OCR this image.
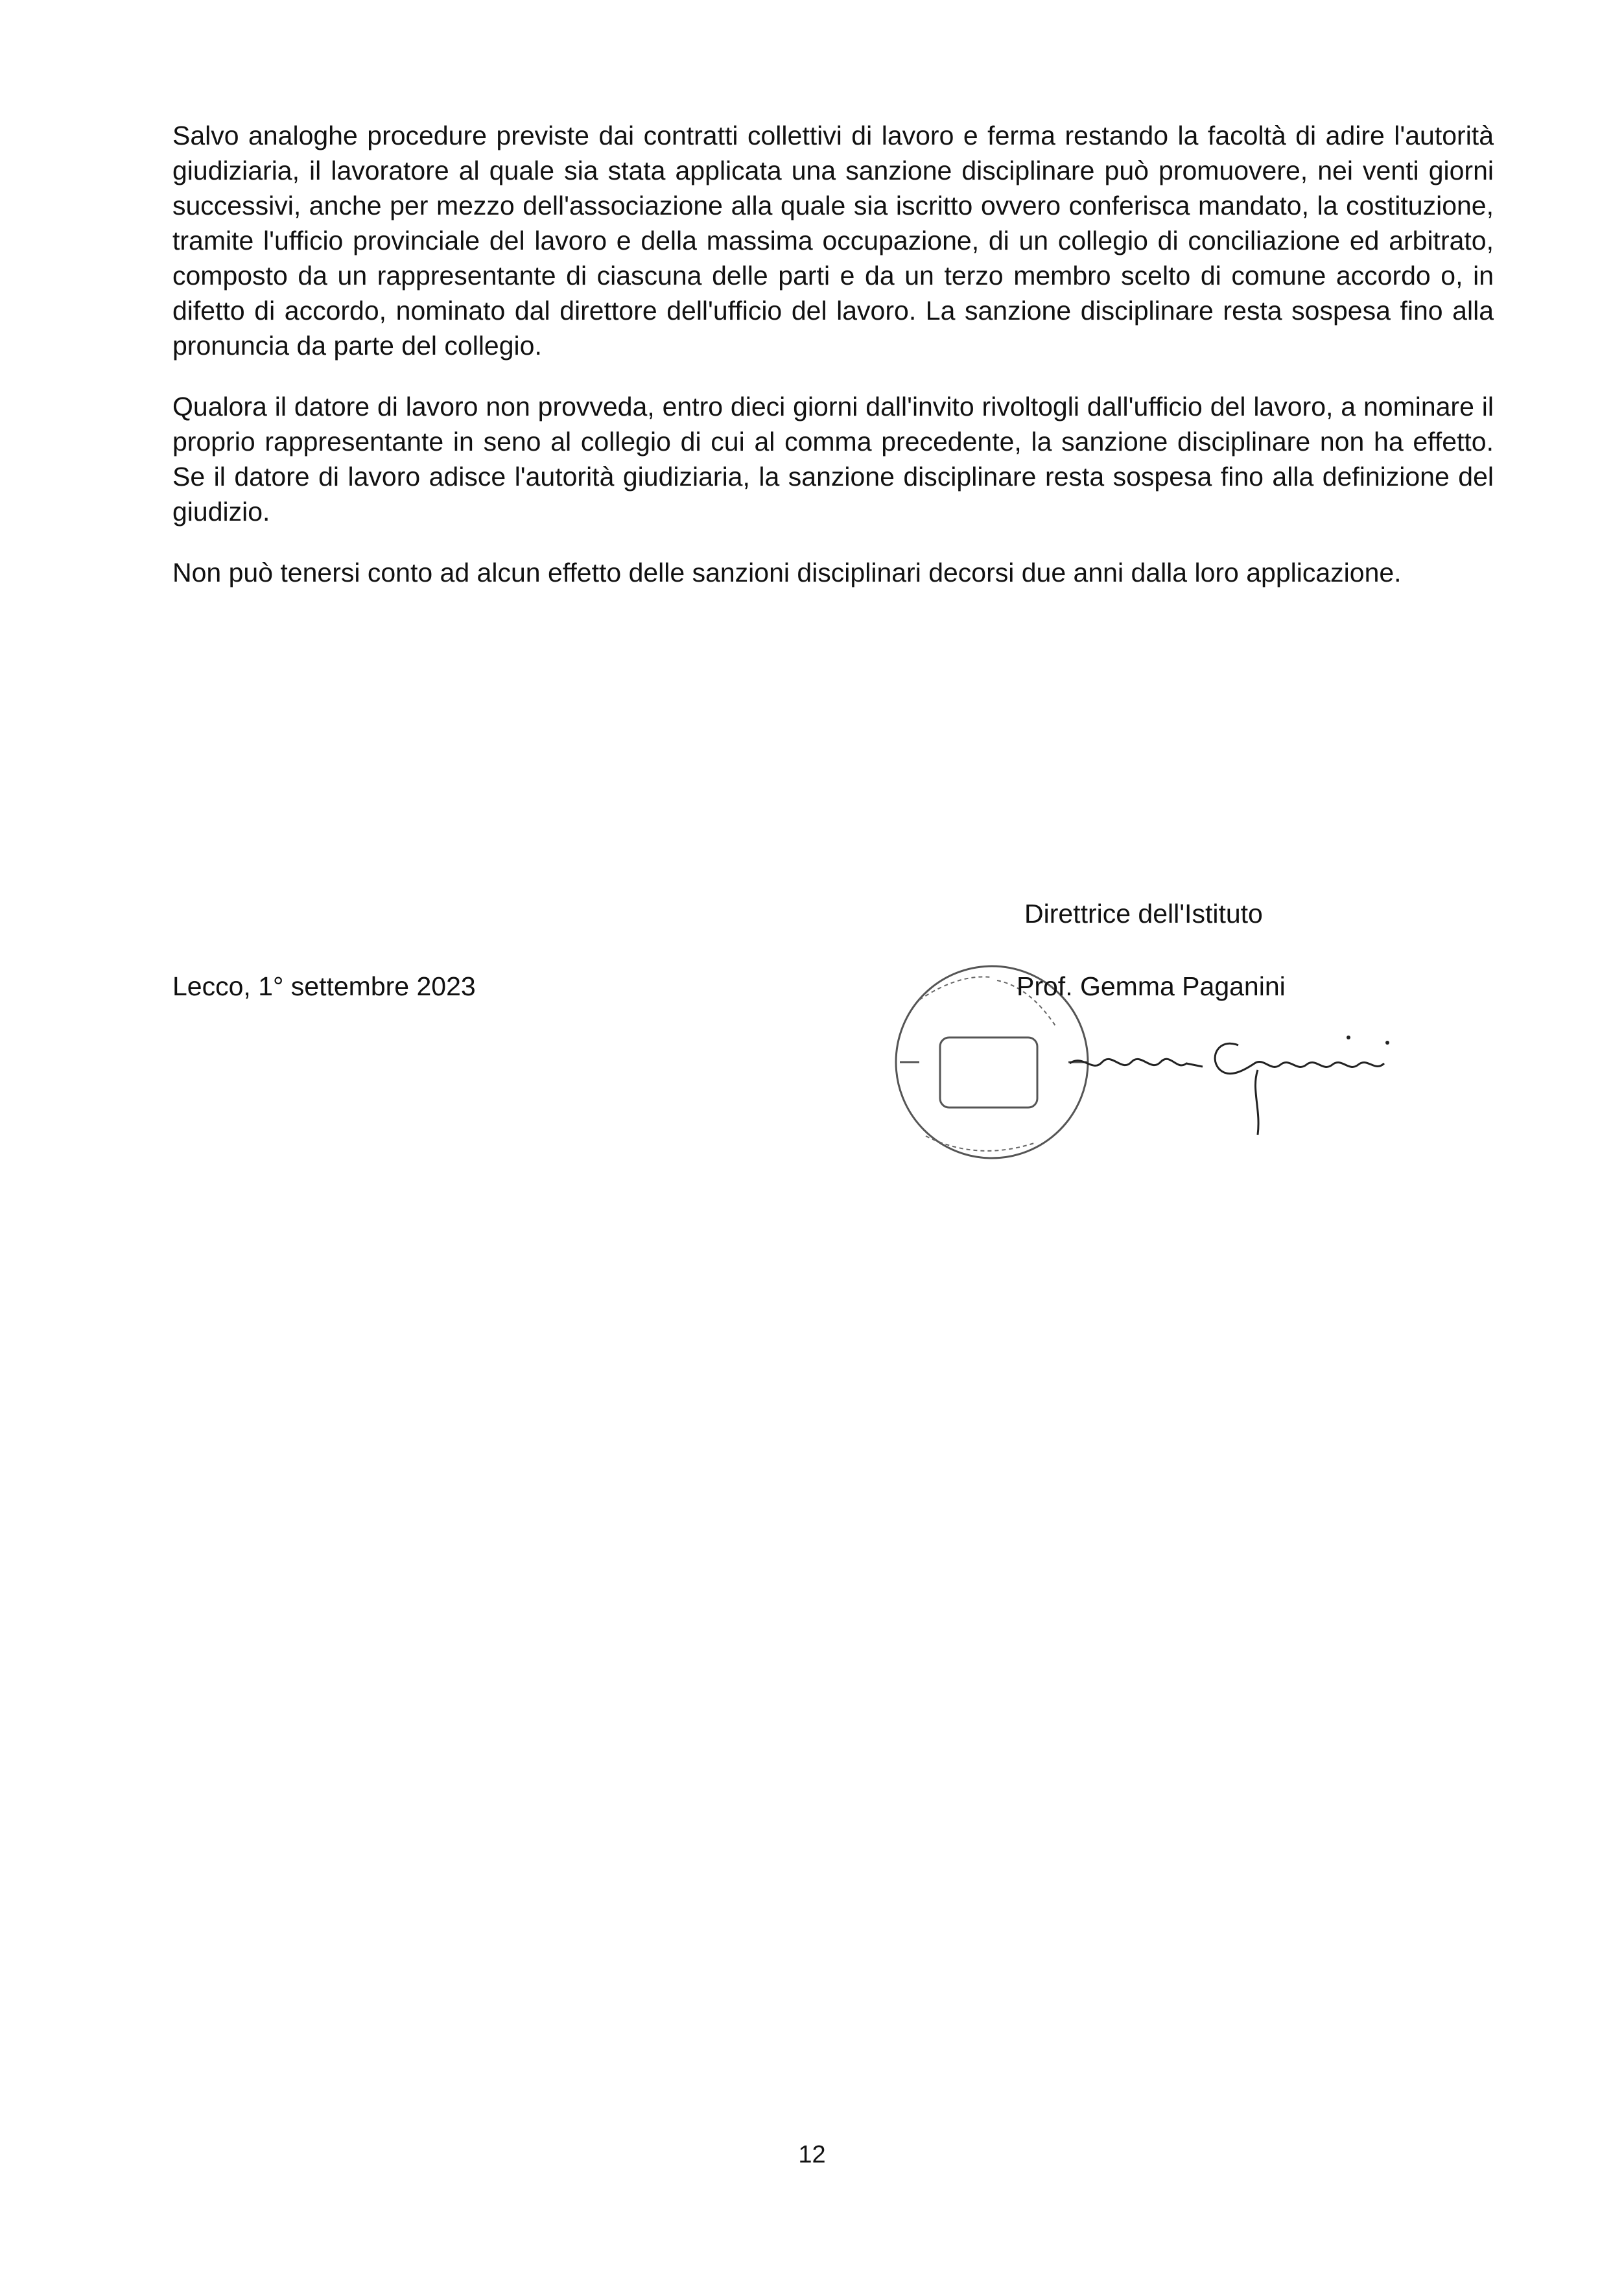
Salvo analoghe procedure previste dai contratti collettivi di lavoro e ferma restando la facoltà di adire l'autorità giudiziaria, il lavoratore al quale sia stata applicata una sanzione disciplinare può promuovere, nei venti giorni successivi, anche per mezzo dell'associazione alla quale sia iscritto ovvero conferisca mandato, la costituzione, tramite l'ufficio provinciale del lavoro e della massima occupazione, di un collegio di conciliazione ed arbitrato, composto da un rappresentante di ciascuna delle parti e da un terzo membro scelto di comune accordo o, in difetto di accordo, nominato dal direttore dell'ufficio del lavoro. La sanzione disciplinare resta sospesa fino alla pronuncia da parte del collegio.

Qualora il datore di lavoro non provveda, entro dieci giorni dall'invito rivoltogli dall'ufficio del lavoro, a nominare il proprio rappresentante in seno al collegio di cui al comma precedente, la sanzione disciplinare non ha effetto. Se il datore di lavoro adisce l'autorità giudiziaria, la sanzione disciplinare resta sospesa fino alla definizione del giudizio.

Non può tenersi conto ad alcun effetto delle sanzioni disciplinari decorsi due anni dalla loro applicazione.

Direttrice dell'Istituto
Lecco, 1° settembre 2023	Prof. Gemma Paganini
12
